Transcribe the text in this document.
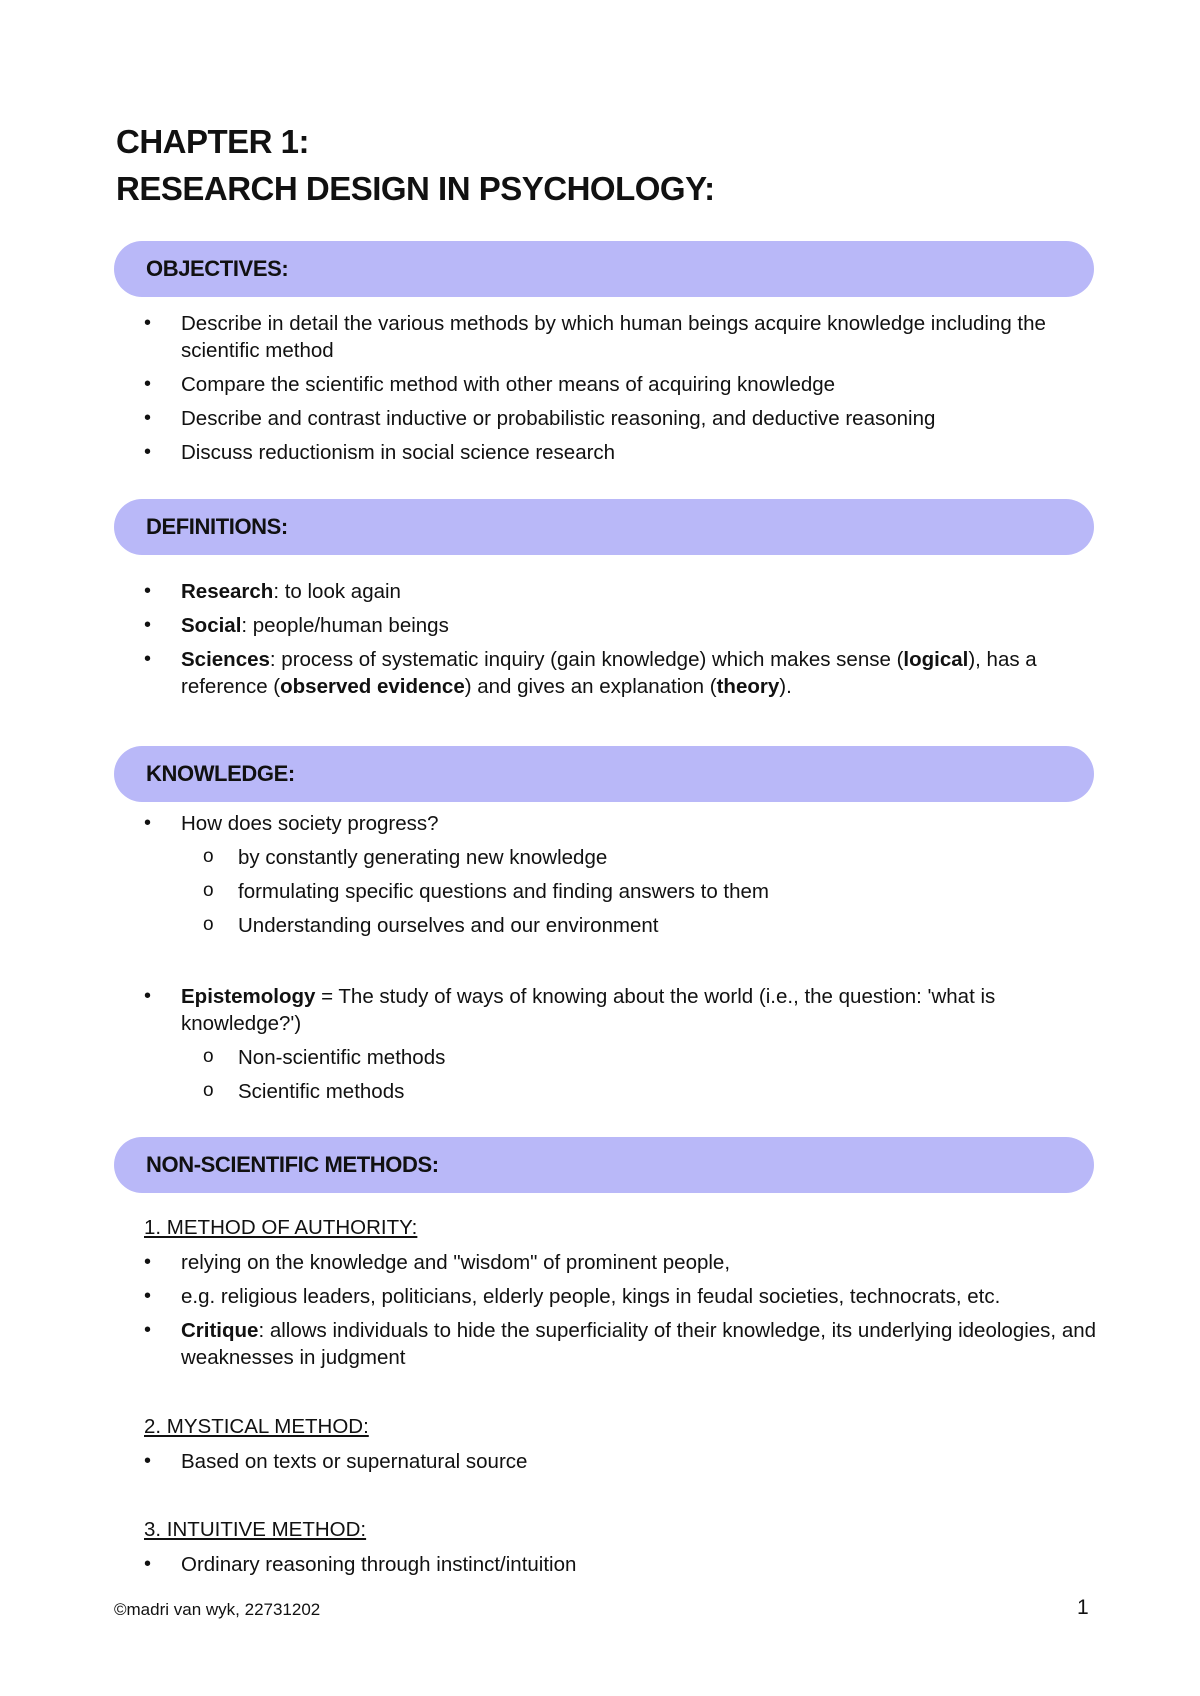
CHAPTER 1:
RESEARCH DESIGN IN PSYCHOLOGY:
OBJECTIVES:
• Describe in detail the various methods by which human beings acquire knowledge including the scientific method
• Compare the scientific method with other means of acquiring knowledge
• Describe and contrast inductive or probabilistic reasoning, and deductive reasoning
• Discuss reductionism in social science research
DEFINITIONS:
• Research: to look again
• Social: people/human beings
• Sciences: process of systematic inquiry (gain knowledge) which makes sense (logical), has a reference (observed evidence) and gives an explanation (theory).
KNOWLEDGE:
• How does society progress?
o by constantly generating new knowledge
o formulating specific questions and finding answers to them
o Understanding ourselves and our environment
• Epistemology = The study of ways of knowing about the world (i.e., the question: 'what is knowledge?')
o Non-scientific methods
o Scientific methods
NON-SCIENTIFIC METHODS:
1. METHOD OF AUTHORITY:
• relying on the knowledge and "wisdom" of prominent people,
• e.g. religious leaders, politicians, elderly people, kings in feudal societies, technocrats, etc.
• Critique: allows individuals to hide the superficiality of their knowledge, its underlying ideologies, and weaknesses in judgment
2. MYSTICAL METHOD:
• Based on texts or supernatural source
3. INTUITIVE METHOD:
• Ordinary reasoning through instinct/intuition
©madri van wyk, 22731202	1
